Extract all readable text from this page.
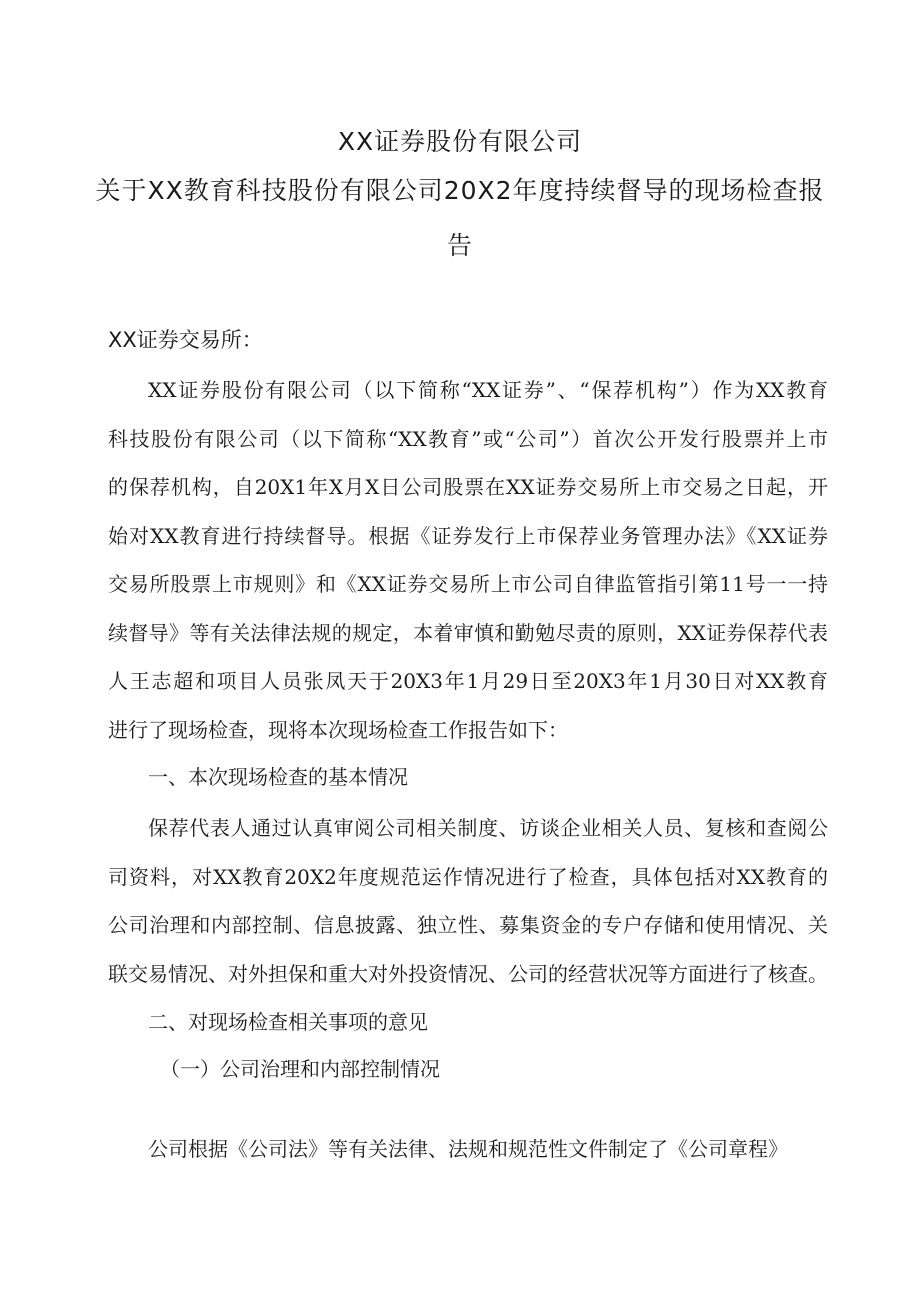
XX证券股份有限公司
关于XX教育科技股份有限公司20X2年度持续督导的现场检查报
告
XX证券交易所：
XX证券股份有限公司（以下简称“XX证券”、“保荐机构”）作为XX教育
科技股份有限公司（以下简称“XX教育”或“公司”）首次公开发行股票并上市
的保荐机构，自20X1年X月X日公司股票在XX证券交易所上市交易之日起，开
始对XX教育进行持续督导。根据《证券发行上市保荐业务管理办法》《XX证券
交易所股票上市规则》和《XX证券交易所上市公司自律监管指引第11号一一持
续督导》等有关法律法规的规定，本着审慎和勤勉尽责的原则，XX证券保荐代表
人王志超和项目人员张凤天于20X3年1月29日至20X3年1月30日对XX教育
进行了现场检查，现将本次现场检查工作报告如下：
一、本次现场检查的基本情况
保荐代表人通过认真审阅公司相关制度、访谈企业相关人员、复核和查阅公
司资料，对XX教育20X2年度规范运作情况进行了检查，具体包括对XX教育的
公司治理和内部控制、信息披露、独立性、募集资金的专户存储和使用情况、关
联交易情况、对外担保和重大对外投资情况、公司的经营状况等方面进行了核查。
二、对现场检查相关事项的意见
（一）公司治理和内部控制情况
公司根据《公司法》等有关法律、法规和规范性文件制定了《公司章程》
